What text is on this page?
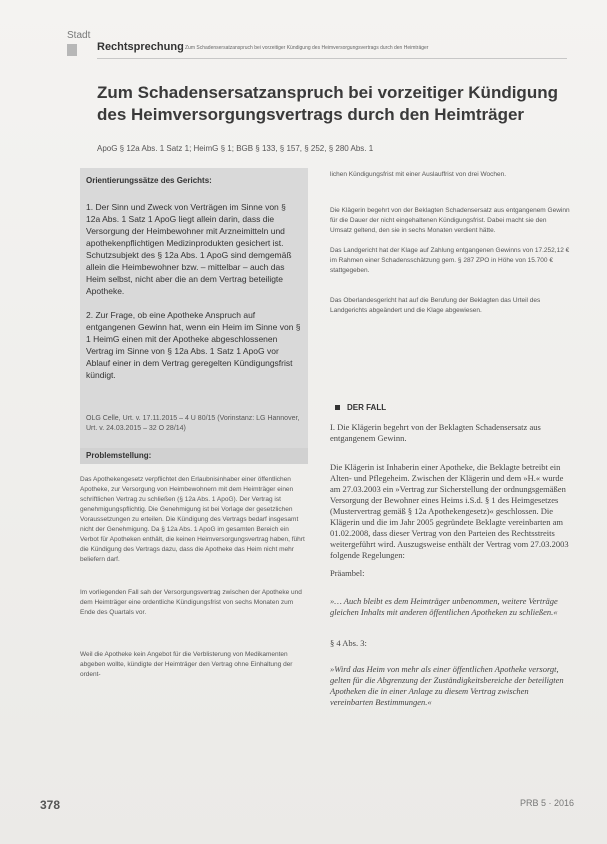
Stadt
Rechtsprechung Zum Schadensersatzanspruch bei vorzeitiger Kündigung des Heimversorgungsvertrags durch den Heimträger
Zum Schadensersatzanspruch bei vorzeitiger Kündigung
des Heimversorgungsvertrags durch den Heimträger
ApoG § 12a Abs. 1 Satz 1; HeimG § 1; BGB § 133, § 157, § 252, § 280 Abs. 1
Orientierungssätze des Gerichts:
1. Der Sinn und Zweck von Verträgen im Sinne von § 12a Abs. 1 Satz 1 ApoG liegt allein darin, dass die Versorgung der Heimbewohner mit Arzneimitteln und apothekenpflichtigen Medizinprodukten gesichert ist. Schutzsubjekt des § 12a Abs. 1 ApoG sind demgemäß allein die Heimbewohner bzw. – mittelbar – auch das Heim selbst, nicht aber die an dem Vertrag beteiligte Apotheke.
2. Zur Frage, ob eine Apotheke Anspruch auf entgangenen Gewinn hat, wenn ein Heim im Sinne von § 1 HeimG einen mit der Apotheke abgeschlossenen Vertrag im Sinne von § 12a Abs. 1 Satz 1 ApoG vor Ablauf einer in dem Vertrag geregelten Kündigungsfrist kündigt.
OLG Celle, Urt. v. 17.11.2015 – 4 U 80/15 (Vorinstanz: LG Hannover, Urt. v. 24.03.2015 – 32 O 28/14)
Problemstellung:
Das Apothekengesetz verpflichtet den Erlaubnisinhaber einer öffentlichen Apotheke, zur Versorgung von Heimbewohnern mit dem Heimträger einen schriftlichen Vertrag zu schließen (§ 12a Abs. 1 ApoG). Der Vertrag ist genehmigungspflichtig. Die Genehmigung ist bei Vorlage der gesetzlichen Voraussetzungen zu erteilen. Die Kündigung des Vertrags bedarf insgesamt nicht der Genehmigung. Da § 12a Abs. 1 ApoG im gesamten Bereich ein Verbot für Apotheken enthält, die keinen Heimversorgungsvertrag haben, führt die Kündigung des Vertrags dazu, dass die Apotheke das Heim nicht mehr beliefern darf.
Im vorliegenden Fall sah der Versorgungsvertrag zwischen der Apotheke und dem Heimträger eine ordentliche Kündigungsfrist von sechs Monaten zum Ende des Quartals vor.
Weil die Apotheke kein Angebot für die Verblisterung von Medikamenten abgeben wollte, kündigte der Heimträger den Vertrag ohne Einhaltung der ordent-
lichen Kündigungsfrist mit einer Auslauffrist von drei Wochen.
Die Klägerin begehrt von der Beklagten Schadensersatz aus entgangenem Gewinn für die Dauer der nicht eingehaltenen Kündigungsfrist. Dabei macht sie den Umsatz geltend, den sie in sechs Monaten verdient hätte.
Das Landgericht hat der Klage auf Zahlung entgangenen Gewinns von 17.252,12 € im Rahmen einer Schadensschätzung gem. § 287 ZPO in Höhe von 15.700 € stattgegeben.
Das Oberlandesgericht hat auf die Berufung der Beklagten das Urteil des Landgerichts abgeändert und die Klage abgewiesen.
DER FALL
I. Die Klägerin begehrt von der Beklagten Schadensersatz aus entgangenem Gewinn.
Die Klägerin ist Inhaberin einer Apotheke, die Beklagte betreibt ein Alten- und Pflegeheim. Zwischen der Klägerin und dem »H.« wurde am 27.03.2003 ein »Vertrag zur Sicherstellung der ordnungsgemäßen Versorgung der Bewohner eines Heims i.S.d. § 1 des Heimgesetzes (Mustervertrag gemäß § 12a Apothekengesetz)« geschlossen. Die Klägerin und die im Jahr 2005 gegründete Beklagte vereinbarten am 01.02.2008, dass dieser Vertrag von den Parteien des Rechtsstreits weitergeführt wird. Auszugsweise enthält der Vertrag vom 27.03.2003 folgende Regelungen:
Präambel:
»… Auch bleibt es dem Heimträger unbenommen, weitere Verträge gleichen Inhalts mit anderen öffentlichen Apotheken zu schließen.«
§ 4 Abs. 3:
»Wird das Heim von mehr als einer öffentlichen Apotheke versorgt, gelten für die Abgrenzung der Zuständigkeitsbereiche der beteiligten Apotheken die in einer Anlage zu diesem Vertrag zwischen vereinbarten Bestimmungen.«
378	PRB 5 · 2016
